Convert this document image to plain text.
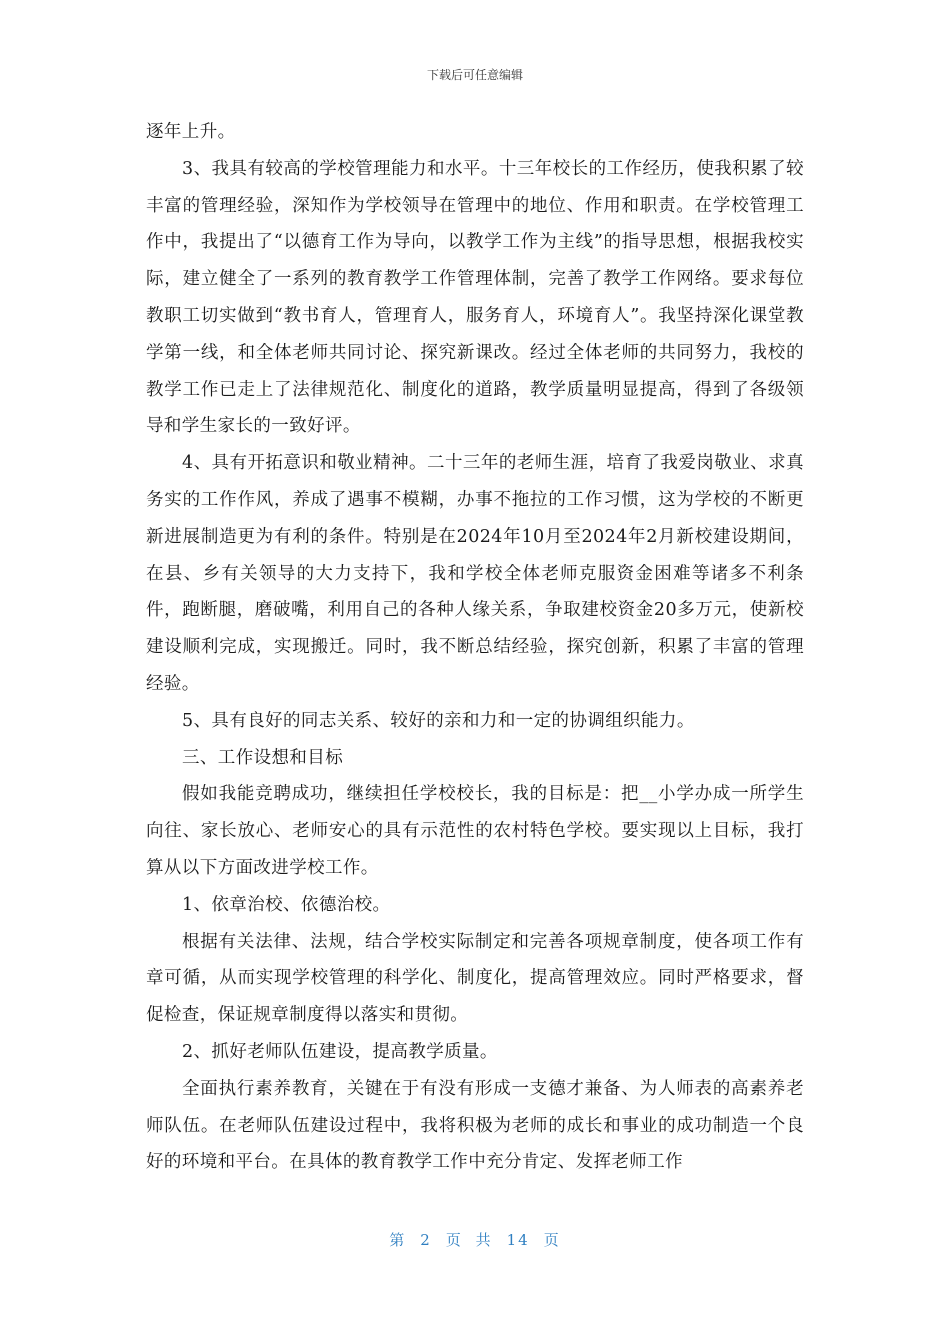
下载后可任意编辑

逐年上升。

3、我具有较高的学校管理能力和水平。十三年校长的工作经历，使我积累了较丰富的管理经验，深知作为学校领导在管理中的地位、作用和职责。在学校管理工作中，我提出了“以德育工作为导向，以教学工作为主线”的指导思想，根据我校实际，建立健全了一系列的教育教学工作管理体制，完善了教学工作网络。要求每位教职工切实做到“教书育人，管理育人，服务育人，环境育人”。我坚持深化课堂教学第一线，和全体老师共同讨论、探究新课改。经过全体老师的共同努力，我校的教学工作已走上了法律规范化、制度化的道路，教学质量明显提高，得到了各级领导和学生家长的一致好评。

4、具有开拓意识和敬业精神。二十三年的老师生涯，培育了我爱岗敬业、求真务实的工作作风，养成了遇事不模糊，办事不拖拉的工作习惯，这为学校的不断更新进展制造更为有利的条件。特别是在2024年10月至2024年2月新校建设期间，在县、乡有关领导的大力支持下，我和学校全体老师克服资金困难等诸多不利条件，跑断腿，磨破嘴，利用自己的各种人缘关系，争取建校资金20多万元，使新校建设顺利完成，实现搬迁。同时，我不断总结经验，探究创新，积累了丰富的管理经验。

5、具有良好的同志关系、较好的亲和力和一定的协调组织能力。

三、工作设想和目标

假如我能竞聘成功，继续担任学校校长，我的目标是：把__小学办成一所学生向往、家长放心、老师安心的具有示范性的农村特色学校。要实现以上目标，我打算从以下方面改进学校工作。

1、依章治校、依德治校。

根据有关法律、法规，结合学校实际制定和完善各项规章制度，使各项工作有章可循，从而实现学校管理的科学化、制度化，提高管理效应。同时严格要求，督促检查，保证规章制度得以落实和贯彻。

2、抓好老师队伍建设，提高教学质量。

全面执行素养教育，关键在于有没有形成一支德才兼备、为人师表的高素养老师队伍。在老师队伍建设过程中，我将积极为老师的成长和事业的成功制造一个良好的环境和平台。在具体的教育教学工作中充分肯定、发挥老师工作

第 2 页 共 14 页
